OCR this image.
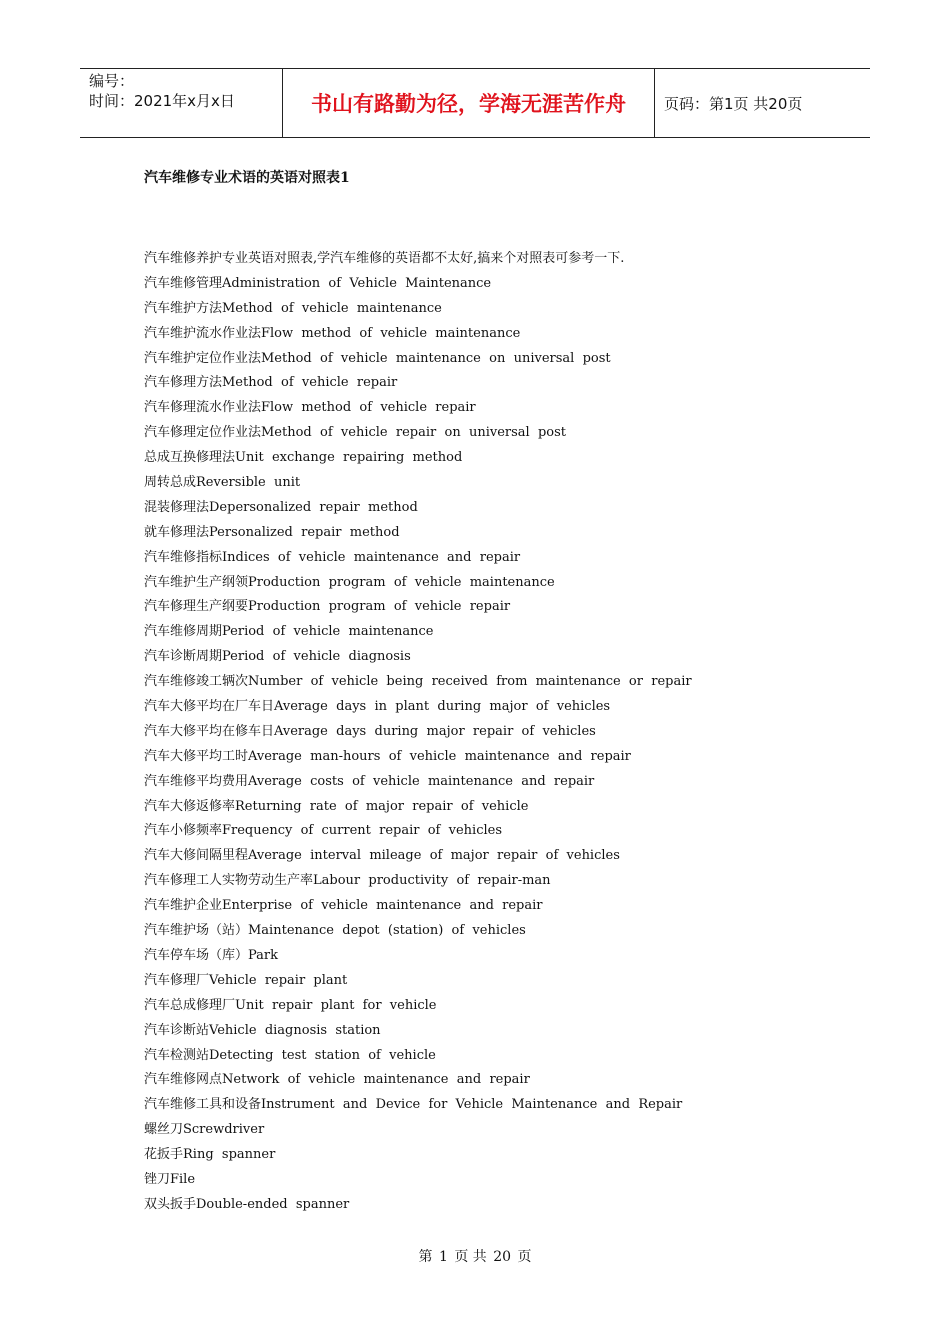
编号：
时间：2021年x月x日	书山有路勤为径，学海无涯苦作舟	页码：第1页 共20页
汽车维修专业术语的英语对照表1
汽车维修养护专业英语对照表,学汽车维修的英语都不太好,搞来个对照表可参考一下.
汽车维修管理Administration  of  Vehicle  Maintenance
汽车维护方法Method  of  vehicle  maintenance
汽车维护流水作业法Flow  method  of  vehicle  maintenance
汽车维护定位作业法Method  of  vehicle  maintenance  on  universal  post
汽车修理方法Method  of  vehicle  repair
汽车修理流水作业法Flow  method  of  vehicle  repair
汽车修理定位作业法Method  of  vehicle  repair  on  universal  post
总成互换修理法Unit  exchange  repairing  method
周转总成Reversible  unit
混装修理法Depersonalized  repair  method
就车修理法Personalized  repair  method
汽车维修指标Indices  of  vehicle  maintenance  and  repair
汽车维护生产纲领Production  program  of  vehicle  maintenance
汽车修理生产纲要Production  program  of  vehicle  repair
汽车维修周期Period  of  vehicle  maintenance
汽车诊断周期Period  of  vehicle  diagnosis
汽车维修竣工辆次Number  of  vehicle  being  received  from  maintenance  or  repair
汽车大修平均在厂车日Average  days  in  plant  during  major  of  vehicles
汽车大修平均在修车日Average  days  during  major  repair  of  vehicles
汽车大修平均工时Average  man-hours  of  vehicle  maintenance  and  repair
汽车维修平均费用Average  costs  of  vehicle  maintenance  and  repair
汽车大修返修率Returning  rate  of  major  repair  of  vehicle
汽车小修频率Frequency  of  current  repair  of  vehicles
汽车大修间隔里程Average  interval  mileage  of  major  repair  of  vehicles
汽车修理工人实物劳动生产率Labour  productivity  of  repair-man
汽车维护企业Enterprise  of  vehicle  maintenance  and  repair
汽车维护场（站）Maintenance  depot  (station)  of  vehicles
汽车停车场（库）Park
汽车修理厂Vehicle  repair  plant
汽车总成修理厂Unit  repair  plant  for  vehicle
汽车诊断站Vehicle  diagnosis  station
汽车检测站Detecting  test  station  of  vehicle
汽车维修网点Network  of  vehicle  maintenance  and  repair
汽车维修工具和设备Instrument  and  Device  for  Vehicle  Maintenance  and  Repair
螺丝刀Screwdriver
花扳手Ring  spanner
锉刀File
双头扳手Double-ended  spanner
第 1 页 共 20 页
